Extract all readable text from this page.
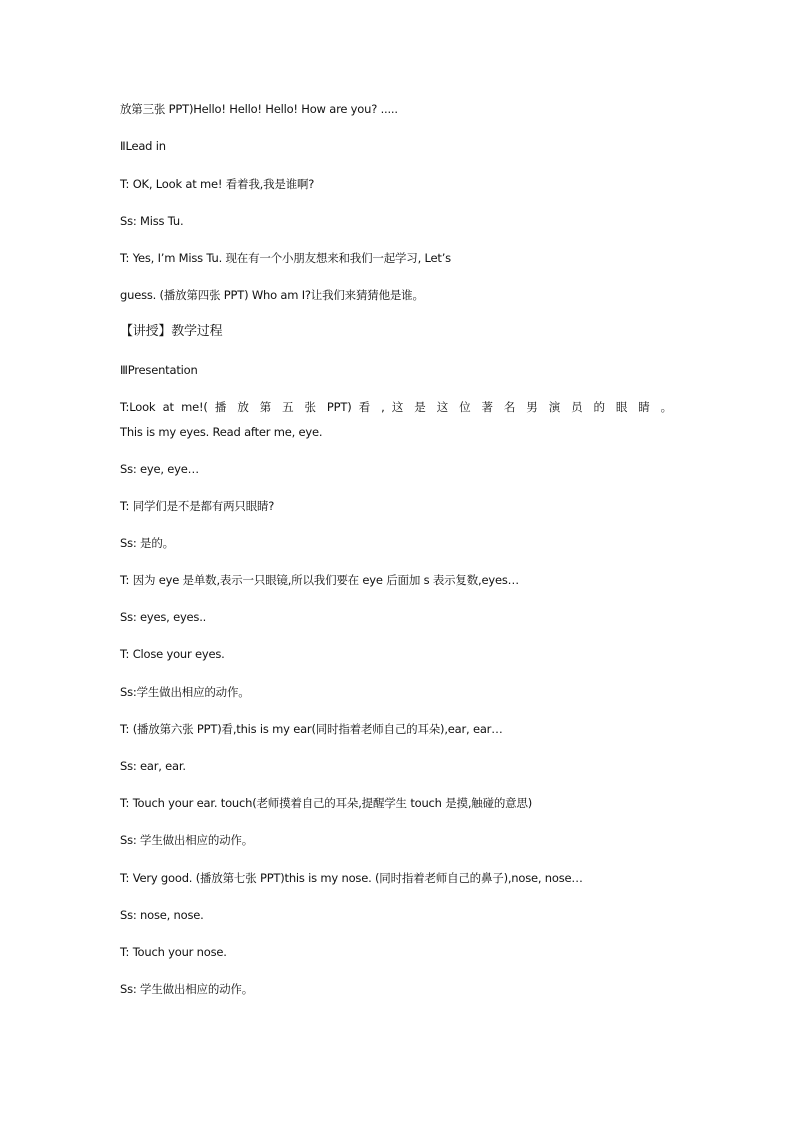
放第三张 PPT)Hello! Hello! Hello! How are you? .....

ⅡLead in

T: OK, Look at me! 看着我,我是谁啊?

Ss: Miss Tu.

T: Yes, I’m Miss Tu. 现在有一个小朋友想来和我们一起学习, Let’s

guess. (播放第四张 PPT) Who am I?让我们来猜猜他是谁。

【讲授】教学过程

ⅢPresentation

T:Look at me!( 播 放 第 五 张 PPT) 看 , 这 是 这 位 著 名 男 演 员 的 眼 睛 。

This is my eyes. Read after me, eye.

Ss: eye, eye…

T: 同学们是不是都有两只眼睛?

Ss: 是的。

T: 因为 eye 是单数,表示一只眼镜,所以我们要在 eye 后面加 s 表示复数,eyes…

Ss: eyes, eyes..

T: Close your eyes.

Ss:学生做出相应的动作。

T: (播放第六张 PPT)看,this is my ear(同时指着老师自己的耳朵),ear, ear…

Ss: ear, ear.

T: Touch your ear. touch(老师摸着自己的耳朵,提醒学生 touch 是摸,触碰的意思)

Ss: 学生做出相应的动作。

T: Very good. (播放第七张 PPT)this is my nose. (同时指着老师自己的鼻子),nose, nose…

Ss: nose, nose.

T: Touch your nose.

Ss: 学生做出相应的动作。
